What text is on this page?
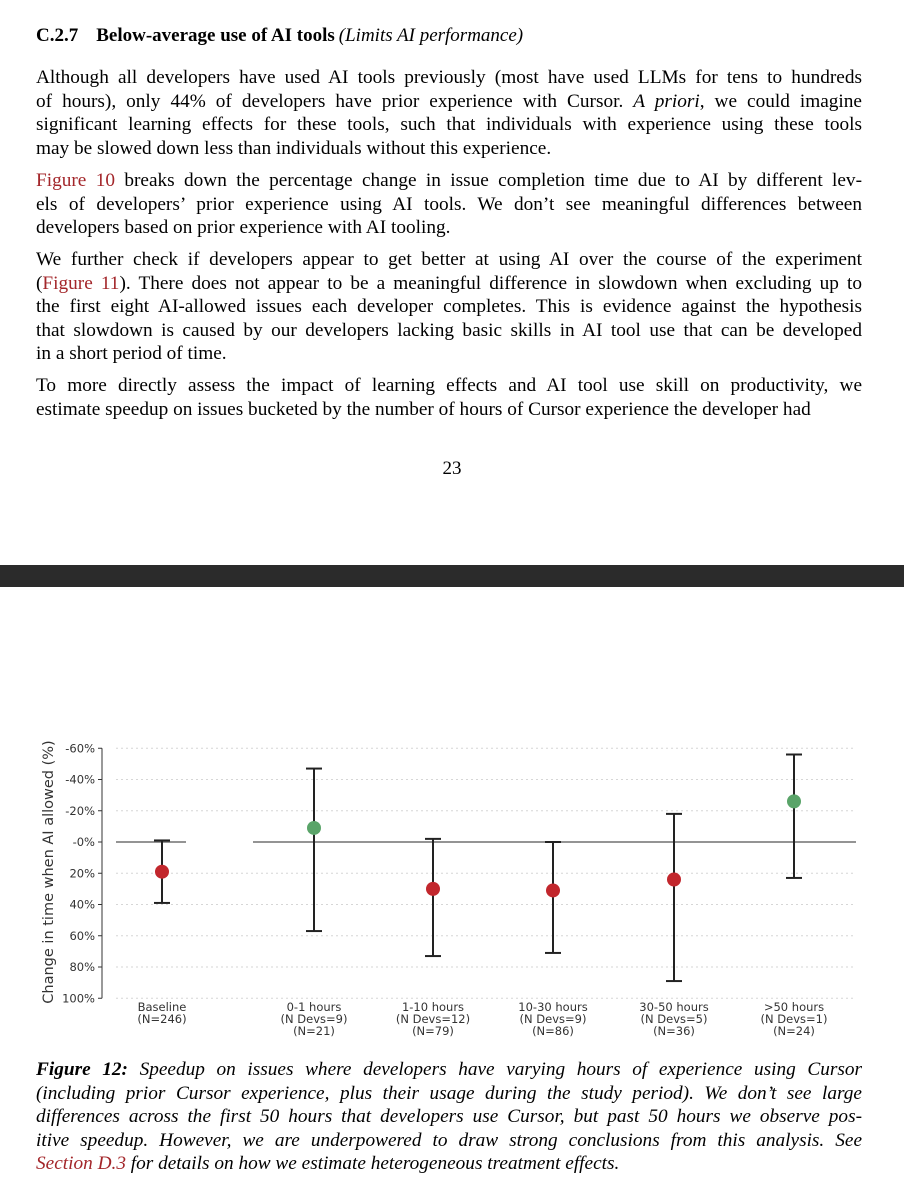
C.2.7 Below-average use of AI tools (Limits AI performance)

Although all developers have used AI tools previously (most have used LLMs for tens to hundreds
of hours), only 44% of developers have prior experience with Cursor. A priori, we could imagine
significant learning effects for these tools, such that individuals with experience using these tools
may be slowed down less than individuals without this experience.

Figure 10 breaks down the percentage change in issue completion time due to AI by different lev-
els of developers’ prior experience using AI tools. We don’t see meaningful differences between
developers based on prior experience with AI tooling.

We further check if developers appear to get better at using AI over the course of the experiment
(Figure 11). There does not appear to be a meaningful difference in slowdown when excluding up to
the first eight AI-allowed issues each developer completes. This is evidence against the hypothesis
that slowdown is caused by our developers lacking basic skills in AI tool use that can be developed
in a short period of time.

To more directly assess the impact of learning effects and AI tool use skill on productivity, we
estimate speedup on issues bucketed by the number of hours of Cursor experience the developer had

23
-60%
-40%
-20%
-0%
20%
40%
60%
80%
100%
Baseline
(N=246)
0-1 hours
(N Devs=9)
(N=21)
1-10 hours
(N Devs=12)
(N=79)
10-30 hours
(N Devs=9)
(N=86)
30-50 hours
(N Devs=5)
(N=36)
>50 hours
(N Devs=1)
(N=24)
Change in time when AI allowed (%)

Figure 12: Speedup on issues where developers have varying hours of experience using Cursor
(including prior Cursor experience, plus their usage during the study period). We don’t see large
differences across the first 50 hours that developers use Cursor, but past 50 hours we observe pos-
itive speedup. However, we are underpowered to draw strong conclusions from this analysis. See
Section D.3 for details on how we estimate heterogeneous treatment effects.
